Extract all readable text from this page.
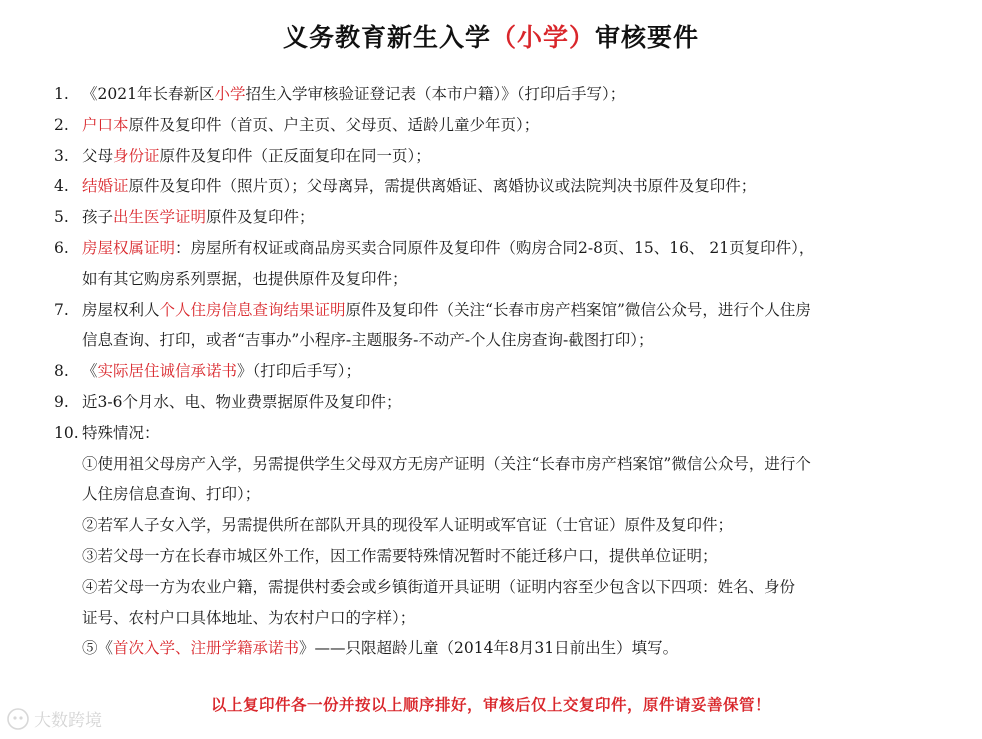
义务教育新生入学（小学）审核要件
1. 《2021年长春新区小学招生入学审核验证登记表（本市户籍）》（打印后手写）；
2. 户口本原件及复印件（首页、户主页、父母页、适龄儿童少年页）；
3. 父母身份证原件及复印件（正反面复印在同一页）；
4. 结婚证原件及复印件（照片页）；父母离异，需提供离婚证、离婚协议或法院判决书原件及复印件；
5. 孩子出生医学证明原件及复印件；
6. 房屋权属证明：房屋所有权证或商品房买卖合同原件及复印件（购房合同2-8页、15、16、 21页复印件），
如有其它购房系列票据，也提供原件及复印件；
7. 房屋权利人个人住房信息查询结果证明原件及复印件（关注“长春市房产档案馆”微信公众号，进行个人住房
信息查询、打印，或者“吉事办”小程序-主题服务-不动产-个人住房查询-截图打印）；
8. 《实际居住诚信承诺书》（打印后手写）；
9. 近3-6个月水、电、物业费票据原件及复印件；
10. 特殊情况：
①使用祖父母房产入学，另需提供学生父母双方无房产证明（关注“长春市房产档案馆”微信公众号，进行个
人住房信息查询、打印）；
②若军人子女入学，另需提供所在部队开具的现役军人证明或军官证（士官证）原件及复印件；
③若父母一方在长春市城区外工作，因工作需要特殊情况暂时不能迁移户口，提供单位证明；
④若父母一方为农业户籍，需提供村委会或乡镇街道开具证明（证明内容至少包含以下四项：姓名、身份
证号、农村户口具体地址、为农村户口的字样）；
⑤《首次入学、注册学籍承诺书》——只限超龄儿童（2014年8月31日前出生）填写。
以上复印件各一份并按以上顺序排好，审核后仅上交复印件，原件请妥善保管！
大数跨境
